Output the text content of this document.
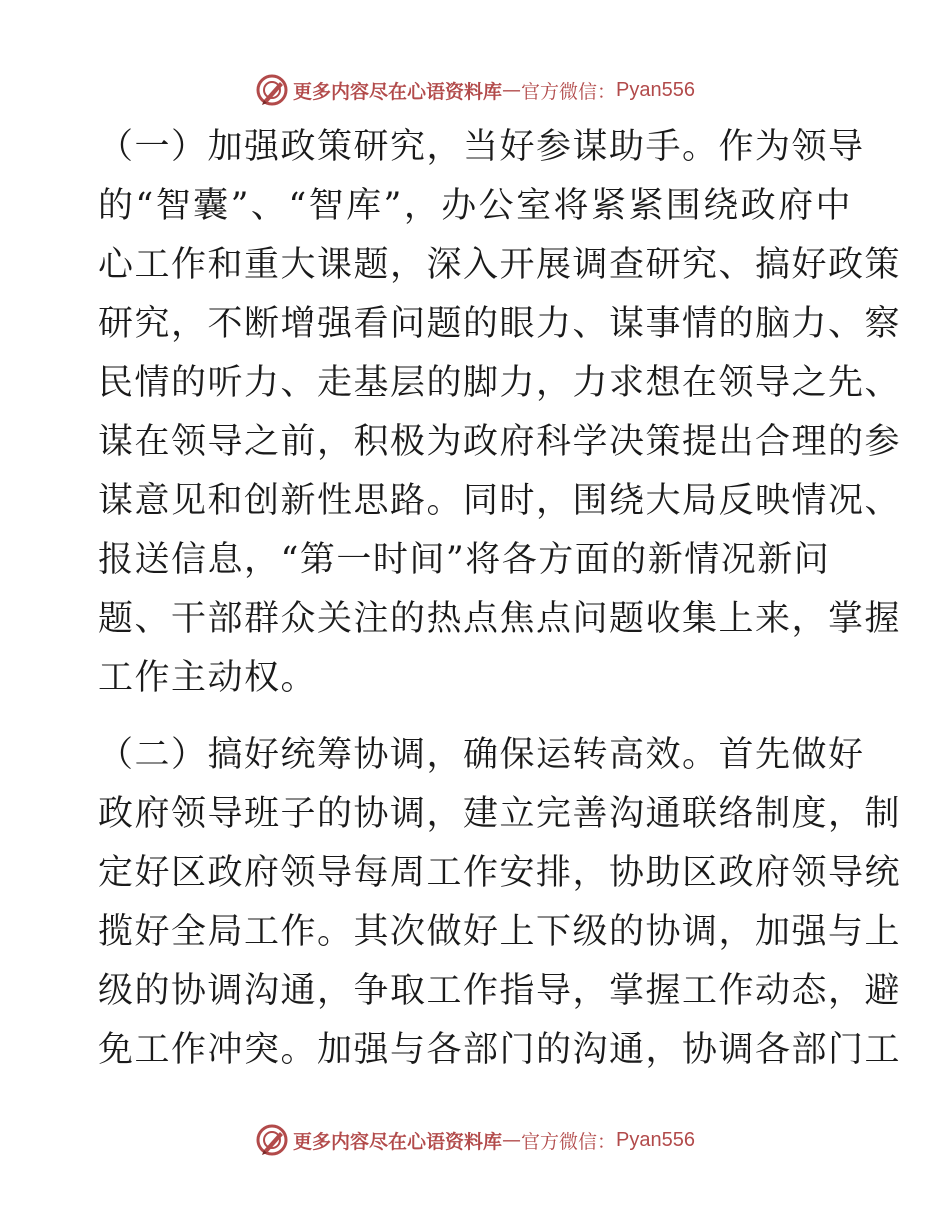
更多内容尽在心语资料库 — 官方微信： Pyan556
（一）加强政策研究，当好参谋助手。作为领导
的“智囊”、“智库”，办公室将紧紧围绕政府中
心工作和重大课题，深入开展调查研究、搞好政策
研究，不断增强看问题的眼力、谋事情的脑力、察
民情的听力、走基层的脚力，力求想在领导之先、
谋在领导之前，积极为政府科学决策提出合理的参
谋意见和创新性思路。同时，围绕大局反映情况、
报送信息，“第一时间”将各方面的新情况新问
题、干部群众关注的热点焦点问题收集上来，掌握
工作主动权。
（二）搞好统筹协调，确保运转高效。首先做好
政府领导班子的协调，建立完善沟通联络制度，制
定好区政府领导每周工作安排，协助区政府领导统
揽好全局工作。其次做好上下级的协调，加强与上
级的协调沟通，争取工作指导，掌握工作动态，避
免工作冲突。加强与各部门的沟通，协调各部门工
更多内容尽在心语资料库 — 官方微信： Pyan556
